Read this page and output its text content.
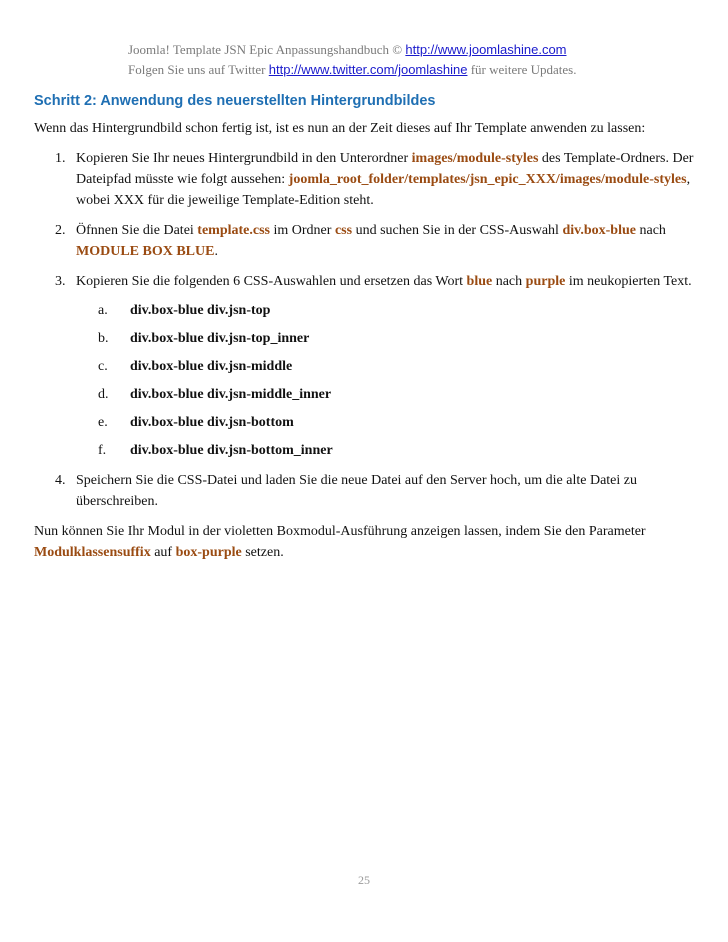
Joomla! Template JSN Epic Anpassungshandbuch © http://www.joomlashine.com
Folgen Sie uns auf Twitter http://www.twitter.com/joomlashine für weitere Updates.
Schritt 2: Anwendung des neuerstellten Hintergrundbildes
Wenn das Hintergrundbild schon fertig ist, ist es nun an der Zeit dieses auf Ihr Template anwenden zu lassen:
1. Kopieren Sie Ihr neues Hintergrundbild in den Unterordner images/module-styles des Template-Ordners. Der Dateipfad müsste wie folgt aussehen: joomla_root_folder/templates/jsn_epic_XXX/images/module-styles, wobei XXX für die jeweilige Template-Edition steht.
2. Öfnnen Sie die Datei template.css im Ordner css und suchen Sie in der CSS-Auswahl div.box-blue nach MODULE BOX BLUE.
3. Kopieren Sie die folgenden 6 CSS-Auswahlen und ersetzen das Wort blue nach purple im neukopierten Text.
a. div.box-blue div.jsn-top
b. div.box-blue div.jsn-top_inner
c. div.box-blue div.jsn-middle
d. div.box-blue div.jsn-middle_inner
e. div.box-blue div.jsn-bottom
f. div.box-blue div.jsn-bottom_inner
4. Speichern Sie die CSS-Datei und laden Sie die neue Datei auf den Server hoch, um die alte Datei zu überschreiben.
Nun können Sie Ihr Modul in der violetten Boxmodul-Ausführung anzeigen lassen, indem Sie den Parameter Modulklassensuffix auf box-purple setzen.
25
